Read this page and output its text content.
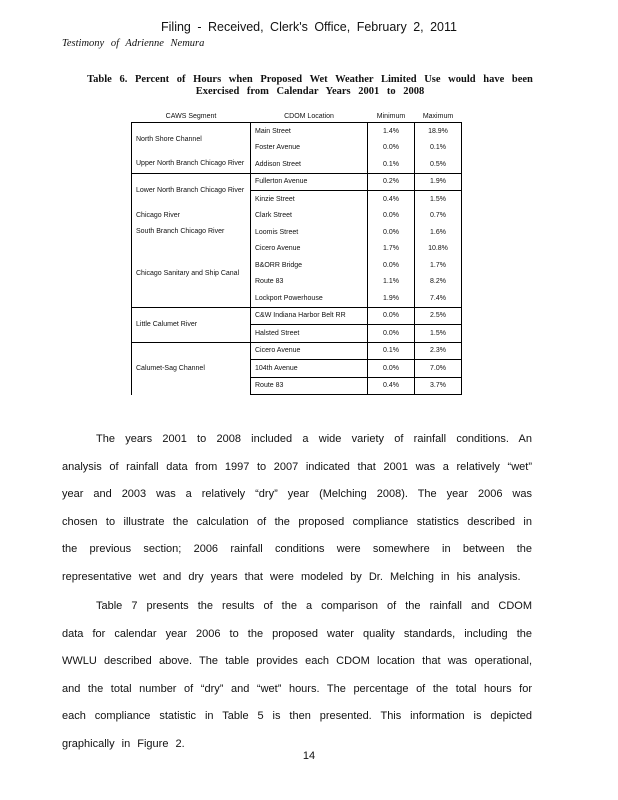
Filing - Received, Clerk's Office, February 2, 2011
Testimony of Adrienne Nemura
Table 6. Percent of Hours when Proposed Wet Weather Limited Use would have been
Exercised from Calendar Years 2001 to 2008
CAWS Segment	CDOM Location	Minimum	Maximum
North Shore Channel	Main Street	1.4%	18.9%
	Foster Avenue	0.0%	0.1%
Upper North Branch Chicago River	Addison Street	0.1%	0.5%
Lower North Branch Chicago River	Fullerton Avenue	0.2%	1.9%
	Kinzie Street	0.4%	1.5%
Chicago River	Clark Street	0.0%	0.7%
South Branch Chicago River	Loomis Street	0.0%	1.6%
Chicago Sanitary and Ship Canal	Cicero Avenue	1.7%	10.8%
	B&ORR Bridge	0.0%	1.7%
	Route 83	1.1%	8.2%
	Lockport Powerhouse	1.9%	7.4%
Little Calumet River	C&W Indiana Harbor Belt RR	0.0%	2.5%
	Halsted Street	0.0%	1.5%
Calumet-Sag Channel	Cicero Avenue	0.1%	2.3%
	104th Avenue	0.0%	7.0%
	Route 83	0.4%	3.7%

The years 2001 to 2008 included a wide variety of rainfall conditions. An analysis of rainfall data from 1997 to 2007 indicated that 2001 was a relatively “wet” year and 2003 was a relatively “dry” year (Melching 2008). The year 2006 was chosen to illustrate the calculation of the proposed compliance statistics described in the previous section; 2006 rainfall conditions were somewhere in between the representative wet and dry years that were modeled by Dr. Melching in his analysis.

Table 7 presents the results of the a comparison of the rainfall and CDOM data for calendar year 2006 to the proposed water quality standards, including the WWLU described above. The table provides each CDOM location that was operational, and the total number of “dry” and “wet” hours. The percentage of the total hours for each compliance statistic in Table 5 is then presented. This information is depicted graphically in Figure 2.

14
